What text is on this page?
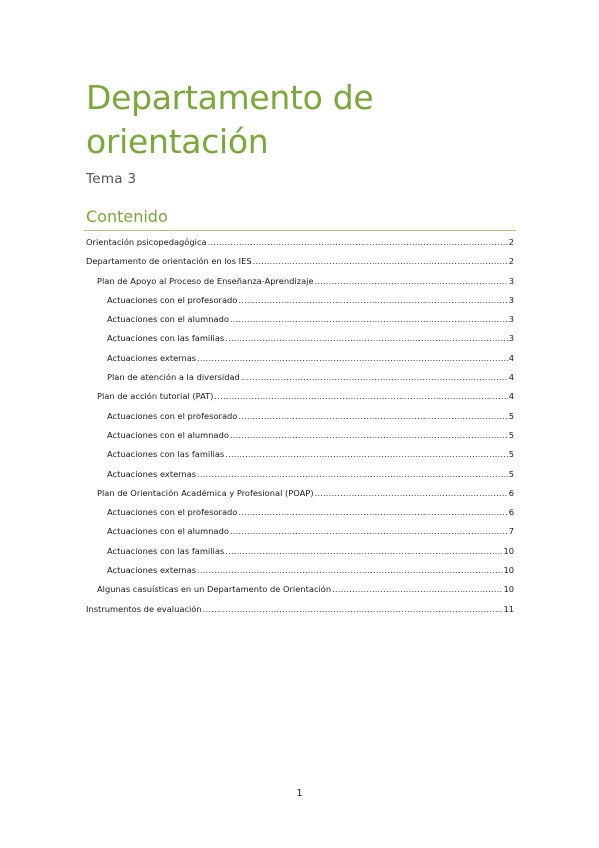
Departamento de
orientación
Tema 3
Contenido
Orientación psicopedagógica .....	2
Departamento de orientación en los IES .....	2
Plan de Apoyo al Proceso de Enseñanza-Aprendizaje .....	3
Actuaciones con el profesorado .....	3
Actuaciones con el alumnado .....	3
Actuaciones con las familias .....	3
Actuaciones externas .....	4
Plan de atención a la diversidad .....	4
Plan de acción tutorial (PAT) .....	4
Actuaciones con el profesorado .....	5
Actuaciones con el alumnado .....	5
Actuaciones con las familias .....	5
Actuaciones externas .....	5
Plan de Orientación Académica y Profesional (POAP) .....	6
Actuaciones con el profesorado .....	6
Actuaciones con el alumnado .....	7
Actuaciones con las familias .....	10
Actuaciones externas .....	10
Algunas casuísticas en un Departamento de Orientación .....	10
Instrumentos de evaluación .....	11
1
